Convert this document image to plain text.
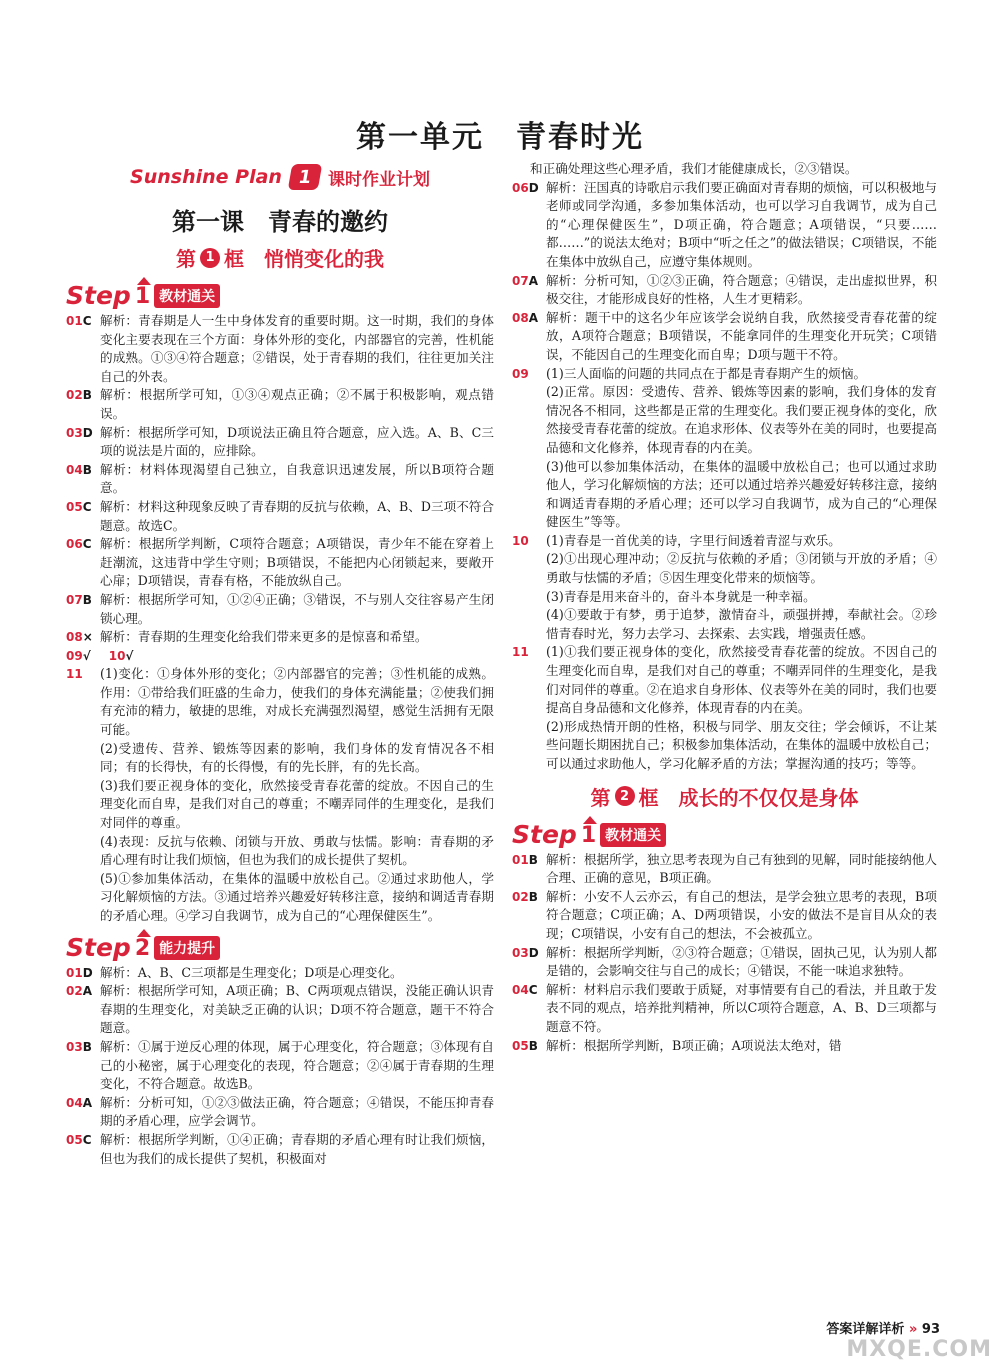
第一单元　青春时光
Sunshine Plan 1 课时作业计划
第一课　青春的邀约
第 1 框　悄悄变化的我
Step 1 教材通关
01C 解析：青春期是人一生中身体发育的重要时期。这一时期，我们的身体变化主要表现在三个方面：身体外形的变化，内部器官的完善，性机能的成熟。①③④符合题意；②错误，处于青春期的我们，往往更加关注自己的外表。
02B 解析：根据所学可知，①③④观点正确；②不属于积极影响，观点错误。
03D 解析：根据所学可知，D项说法正确且符合题意，应入选。A、B、C三项的说法是片面的，应排除。
04B 解析：材料体现渴望自己独立，自我意识迅速发展，所以B项符合题意。
05C 解析：材料这种现象反映了青春期的反抗与依赖，A、B、D三项不符合题意。故选C。
06C 解析：根据所学判断，C项符合题意；A项错误，青少年不能在穿着上赶潮流，这违背中学生守则；B项错误，不能把内心闭锁起来，要敞开心扉；D项错误，青春有格，不能放纵自己。
07B 解析：根据所学可知，①②④正确；③错误，不与别人交往容易产生闭锁心理。
08× 解析：青春期的生理变化给我们带来更多的是惊喜和希望。
09√ 10√
11	(1)变化：①身体外形的变化；②内部器官的完善；③性机能的成熟。作用：①带给我们旺盛的生命力，使我们的身体充满能量；②使我们拥有充沛的精力，敏捷的思维，对成长充满强烈渴望，感觉生活拥有无限可能。
(2)受遗传、营养、锻炼等因素的影响，我们身体的发育情况各不相同；有的长得快，有的长得慢，有的先长胖，有的先长高。
(3)我们要正视身体的变化，欣然接受青春花蕾的绽放。不因自己的生理变化而自卑，是我们对自己的尊重；不嘲弄同伴的生理变化，是我们对同伴的尊重。
(4)表现：反抗与依赖、闭锁与开放、勇敢与怯懦。影响：青春期的矛盾心理有时让我们烦恼，但也为我们的成长提供了契机。
(5)①参加集体活动，在集体的温暖中放松自己。②通过求助他人，学习化解烦恼的方法。③通过培养兴趣爱好转移注意，接纳和调适青春期的矛盾心理。④学习自我调节，成为自己的“心理保健医生”。
Step 2 能力提升
01D 解析：A、B、C三项都是生理变化；D项是心理变化。
02A 解析：根据所学可知，A项正确；B、C两项观点错误，没能正确认识青春期的生理变化，对美缺乏正确的认识；D项不符合题意，题干不符合题意。
03B 解析：①属于逆反心理的体现，属于心理变化，符合题意；③体现有自己的小秘密，属于心理变化的表现，符合题意；②④属于青春期的生理变化，不符合题意。故选B。
04A 解析：分析可知，①②③做法正确，符合题意；④错误，不能压抑青春期的矛盾心理，应学会调节。
05C 解析：根据所学判断，①④正确；青春期的矛盾心理有时让我们烦恼，但也为我们的成长提供了契机，积极面对
和正确处理这些心理矛盾，我们才能健康成长，②③错误。
06D 解析：汪国真的诗歌启示我们要正确面对青春期的烦恼，可以积极地与老师或同学沟通，多参加集体活动，也可以学习自我调节，成为自己的“心理保健医生”，D项正确，符合题意；A项错误，“只要……都……”的说法太绝对；B项中“听之任之”的做法错误；C项错误，不能在集体中放纵自己，应遵守集体规则。
07A 解析：分析可知，①②③正确，符合题意；④错误，走出虚拟世界，积极交往，才能形成良好的性格，人生才更精彩。
08A 解析：题干中的这名少年应该学会说纳自我，欣然接受青春花蕾的绽放，A项符合题意；B项错误，不能拿同伴的生理变化开玩笑；C项错误，不能因自己的生理变化而自卑；D项与题干不符。
09	(1)三人面临的问题的共同点在于都是青春期产生的烦恼。
(2)正常。原因：受遗传、营养、锻炼等因素的影响，我们身体的发育情况各不相同，这些都是正常的生理变化。我们要正视身体的变化，欣然接受青春花蕾的绽放。在追求形体、仪表等外在美的同时，也要提高品德和文化修养，体现青春的内在美。
(3)他可以参加集体活动，在集体的温暖中放松自己；也可以通过求助他人，学习化解烦恼的方法；还可以通过培养兴趣爱好转移注意，接纳和调适青春期的矛盾心理；还可以学习自我调节，成为自己的“心理保健医生”等等。
10	(1)青春是一首优美的诗，字里行间透着青涩与欢乐。
(2)①出现心理冲动；②反抗与依赖的矛盾；③闭锁与开放的矛盾；④勇敢与怯懦的矛盾；⑤因生理变化带来的烦恼等。
(3)青春是用来奋斗的，奋斗本身就是一种幸福。
(4)①要敢于有梦，勇于追梦，激情奋斗，顽强拼搏，奉献社会。②珍惜青春时光，努力去学习、去探索、去实践，增强责任感。
11	(1)①我们要正视身体的变化，欣然接受青春花蕾的绽放。不因自己的生理变化而自卑，是我们对自己的尊重；不嘲弄同伴的生理变化，是我们对同伴的尊重。②在追求自身形体、仪表等外在美的同时，我们也要提高自身品德和文化修养，体现青春的内在美。
(2)形成热情开朗的性格，积极与同学、朋友交往；学会倾诉，不让某些问题长期困扰自己；积极参加集体活动，在集体的温暖中放松自己；可以通过求助他人，学习化解矛盾的方法；掌握沟通的技巧；等等。
第 2 框　成长的不仅仅是身体
Step 1 教材通关
01B 解析：根据所学，独立思考表现为自己有独到的见解，同时能接纳他人合理、正确的意见，B项正确。
02B 解析：小安不人云亦云，有自己的想法，是学会独立思考的表现，B项符合题意；C项正确；A、D两项错误，小安的做法不是盲目从众的表现；C项错误，小安有自己的想法，不会被孤立。
03D 解析：根据所学判断，②③符合题意；①错误，固执己见，认为别人都是错的，会影响交往与自己的成长；④错误，不能一味追求独特。
04C 解析：材料启示我们要敢于质疑，对事情要有自己的看法，并且敢于发表不同的观点，培养批判精神，所以C项符合题意，A、B、D三项都与题意不符。
05B 解析：根据所学判断，B项正确；A项说法太绝对，错
答案详解详析 » 93
MXQE.COM
